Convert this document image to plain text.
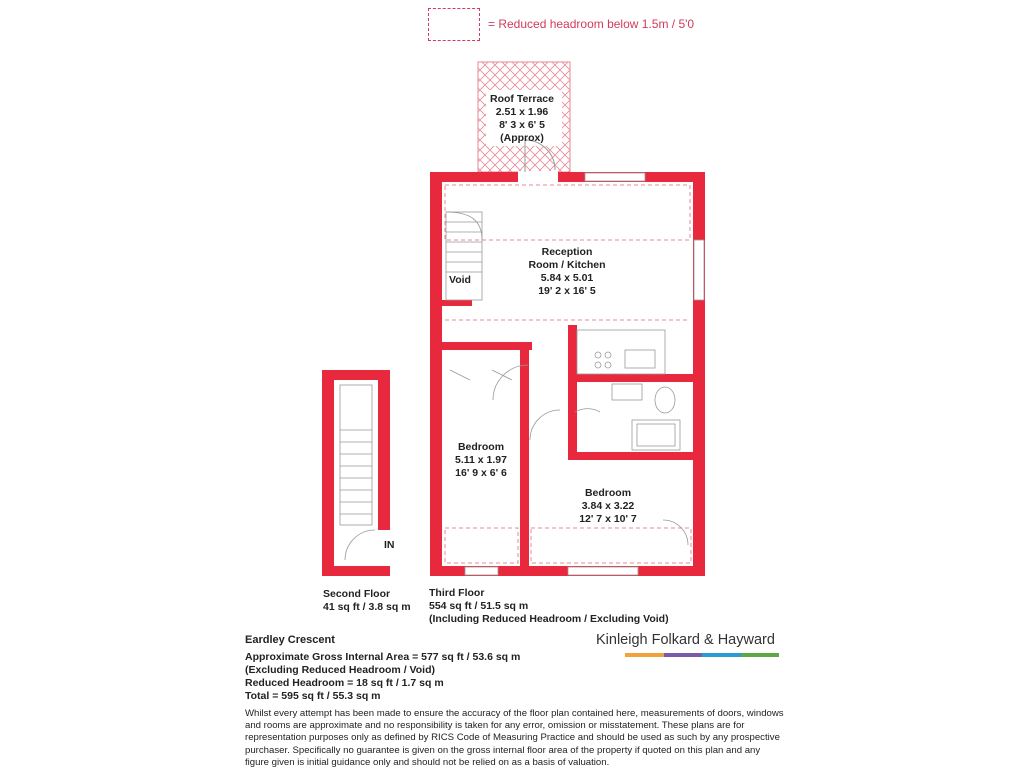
= Reduced headroom below 1.5m / 5'0
Roof Terrace
2.51 x 1.96
8' 3 x 6' 5
(Approx)
Reception
Room / Kitchen
5.84 x 5.01
19' 2 x 16' 5
Void
Bedroom
5.11 x 1.97
16' 9 x 6' 6
Bedroom
3.84 x 3.22
12' 7 x 10' 7
IN
Second Floor
41 sq ft / 3.8 sq m
Third Floor
554 sq ft / 51.5 sq m
(Including Reduced Headroom / Excluding Void)
Eardley Crescent
Approximate Gross Internal Area = 577 sq ft / 53.6 sq m
(Excluding Reduced Headroom / Void)
Reduced Headroom = 18 sq ft / 1.7 sq m
Total = 595 sq ft / 55.3 sq m
Kinleigh Folkard & Hayward
Whilst every attempt has been made to ensure the accuracy of the floor plan contained here, measurements of doors, windows and rooms are approximate and no responsibility is taken for any error, omission or misstatement. These plans are for representation purposes only as defined by RICS Code of Measuring Practice and should be used as such by any prospective purchaser. Specifically no guarantee is given on the gross internal floor area of the property if quoted on this plan and any figure given is initial guidance only and should not be relied on as a basis of valuation.
